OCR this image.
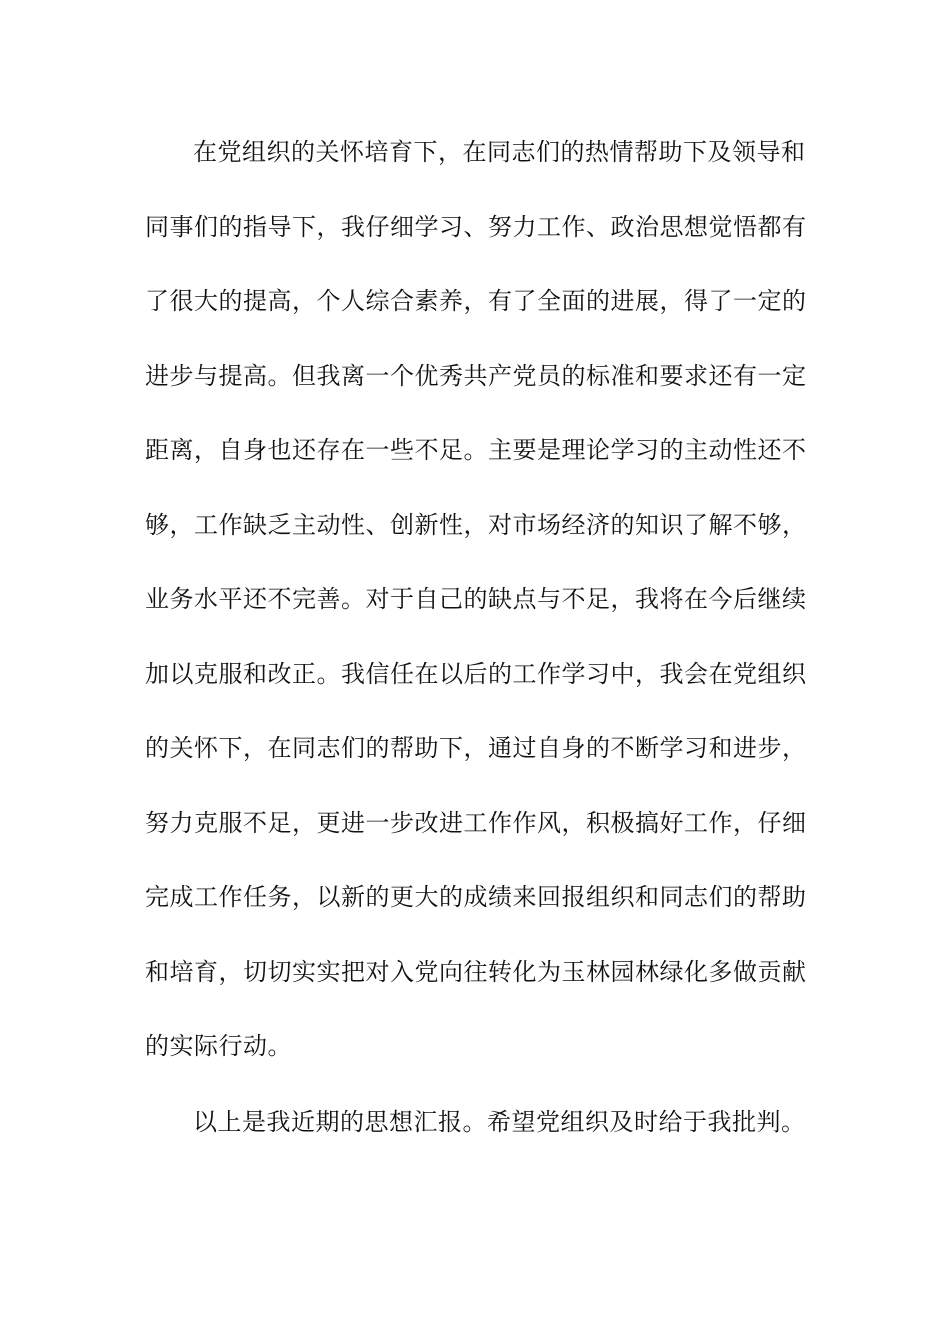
在党组织的关怀培育下，在同志们的热情帮助下及领导和
同事们的指导下，我仔细学习、努力工作、政治思想觉悟都有
了很大的提高，个人综合素养，有了全面的进展，得了一定的
进步与提高。但我离一个优秀共产党员的标准和要求还有一定
距离，自身也还存在一些不足。主要是理论学习的主动性还不
够，工作缺乏主动性、创新性，对市场经济的知识了解不够，
业务水平还不完善。对于自己的缺点与不足，我将在今后继续
加以克服和改正。我信任在以后的工作学习中，我会在党组织
的关怀下，在同志们的帮助下，通过自身的不断学习和进步，
努力克服不足，更进一步改进工作作风，积极搞好工作，仔细
完成工作任务，以新的更大的成绩来回报组织和同志们的帮助
和培育，切切实实把对入党向往转化为玉林园林绿化多做贡献
的实际行动。

以上是我近期的思想汇报。希望党组织及时给于我批判。
